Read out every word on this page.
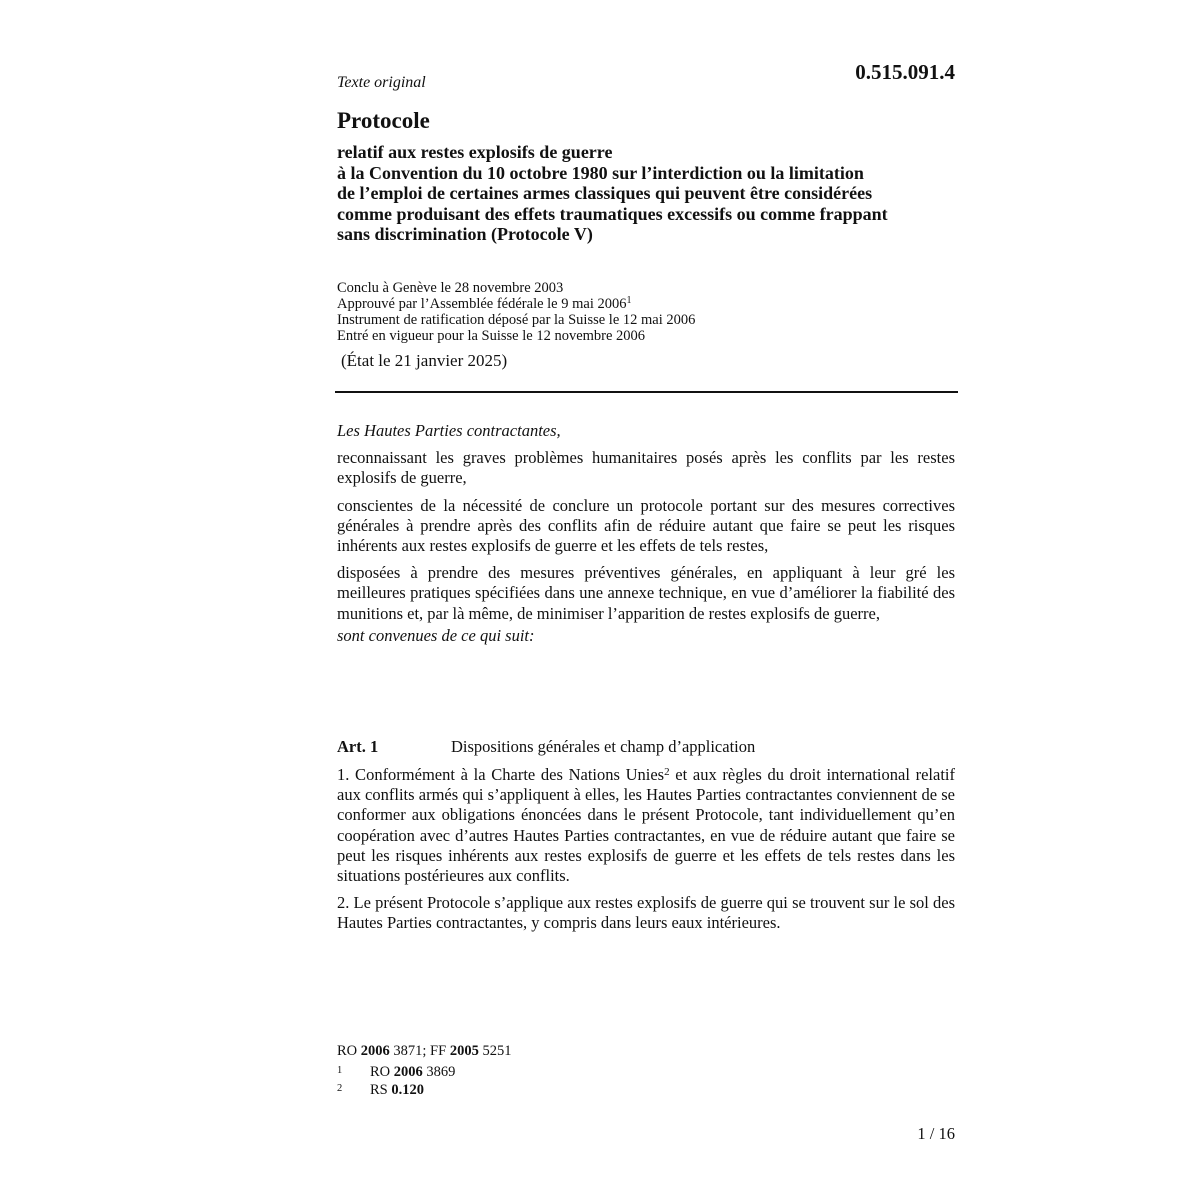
Texte original	0.515.091.4
Protocole
relatif aux restes explosifs de guerre
à la Convention du 10 octobre 1980 sur l’interdiction ou la limitation
de l’emploi de certaines armes classiques qui peuvent être considérées
comme produisant des effets traumatiques excessifs ou comme frappant
sans discrimination (Protocole V)
Conclu à Genève le 28 novembre 2003
Approuvé par l’Assemblée fédérale le 9 mai 2006$^1$
Instrument de ratification déposé par la Suisse le 12 mai 2006
Entré en vigueur pour la Suisse le 12 novembre 2006
(État le 21 janvier 2025)

Les Hautes Parties contractantes,

reconnaissant les graves problèmes humanitaires posés après les conflits par les restes explosifs de guerre,

conscientes de la nécessité de conclure un protocole portant sur des mesures correctives générales à prendre après des conflits afin de réduire autant que faire se peut les risques inhérents aux restes explosifs de guerre et les effets de tels restes,

disposées à prendre des mesures préventives générales, en appliquant à leur gré les meilleures pratiques spécifiées dans une annexe technique, en vue d’améliorer la fiabilité des munitions et, par là même, de minimiser l’apparition de restes explosifs de guerre,

sont convenues de ce qui suit:

Art. 1	Dispositions générales et champ d’application

1. Conformément à la Charte des Nations Unies$^2$ et aux règles du droit international relatif aux conflits armés qui s’appliquent à elles, les Hautes Parties contractantes conviennent de se conformer aux obligations énoncées dans le présent Protocole, tant individuellement qu’en coopération avec d’autres Hautes Parties contractantes, en vue de réduire autant que faire se peut les risques inhérents aux restes explosifs de guerre et les effets de tels restes dans les situations postérieures aux conflits.

2. Le présent Protocole s’applique aux restes explosifs de guerre qui se trouvent sur le sol des Hautes Parties contractantes, y compris dans leurs eaux intérieures.

RO 2006 3871; FF 2005 5251
1 RO 2006 3869
2 RS 0.120
1 / 16
